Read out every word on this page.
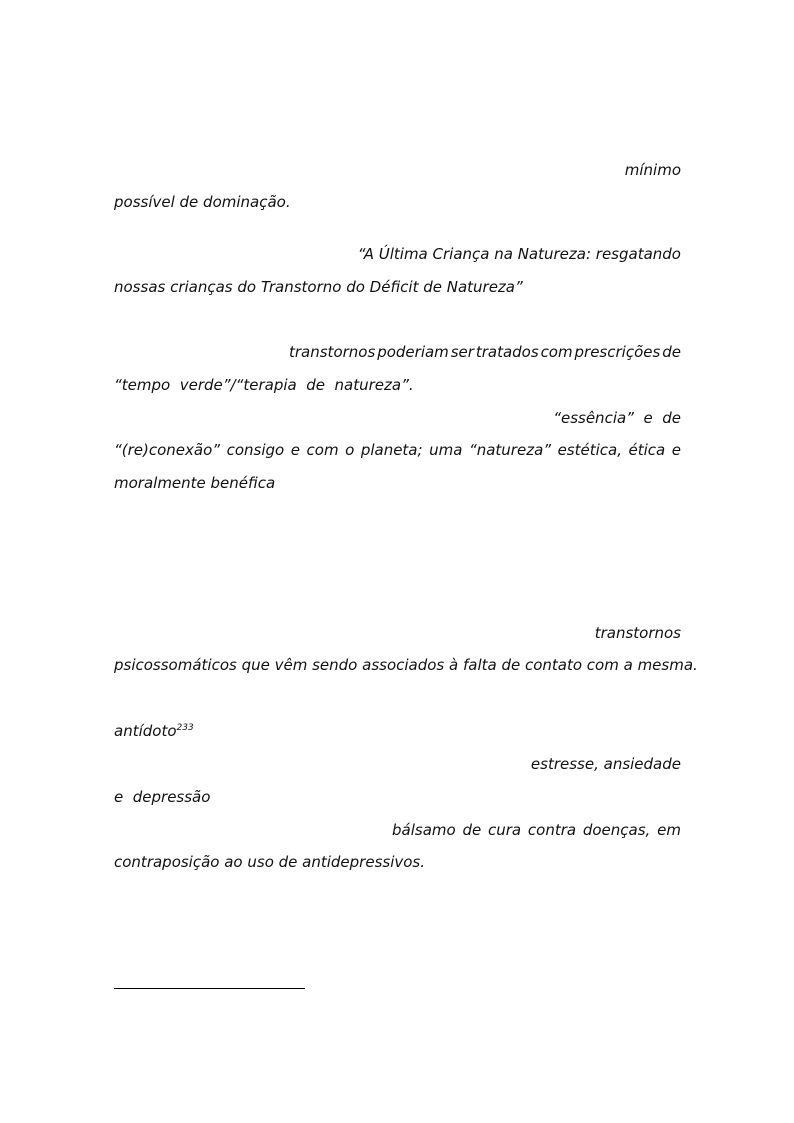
mínimo
possível de dominação.
“A Última Criança na Natureza: resgatando
nossas crianças do Transtorno do Déficit de Natureza”
transtornos poderiam ser tratados com prescrições de
“tempo  verde”/“terapia  de  natureza”.
“essência”  e  de
“(re)conexão” consigo e com o planeta; uma “natureza” estética, ética e
moralmente benéfica
transtornos
psicossomáticos que vêm sendo associados à falta de contato com a mesma.
antídoto$^{233}$
estresse, ansiedade
e  depressão
bálsamo de cura contra doenças, em
contraposição ao uso de antidepressivos.
